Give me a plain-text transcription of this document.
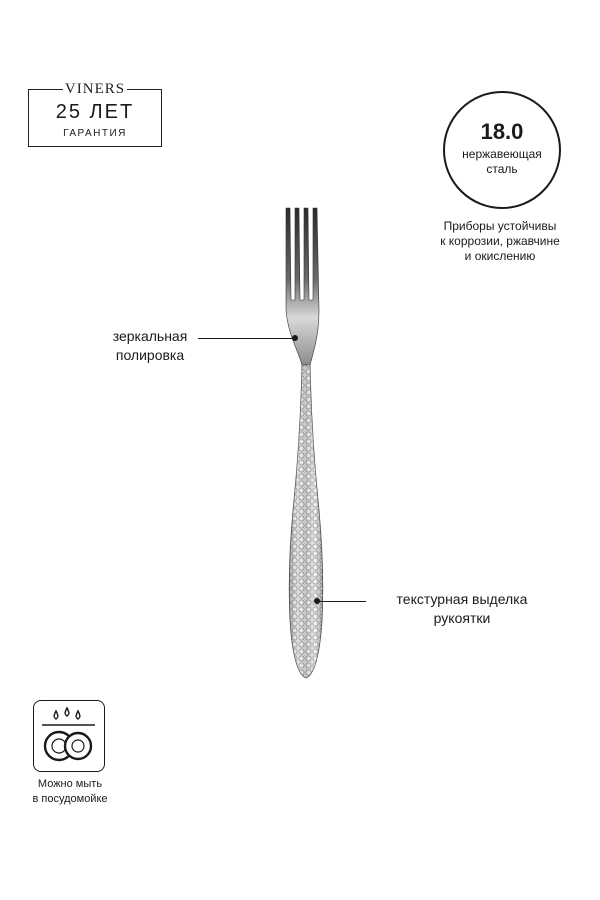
VINERS
25 ЛЕТ
ГАРАНТИЯ	18.0
нержавеющая
сталь
Приборы устойчивы
к коррозии, ржавчине
и окислению
зеркальная
полировка
текстурная выделка
рукоятки
Можно мыть
в посудомойке
